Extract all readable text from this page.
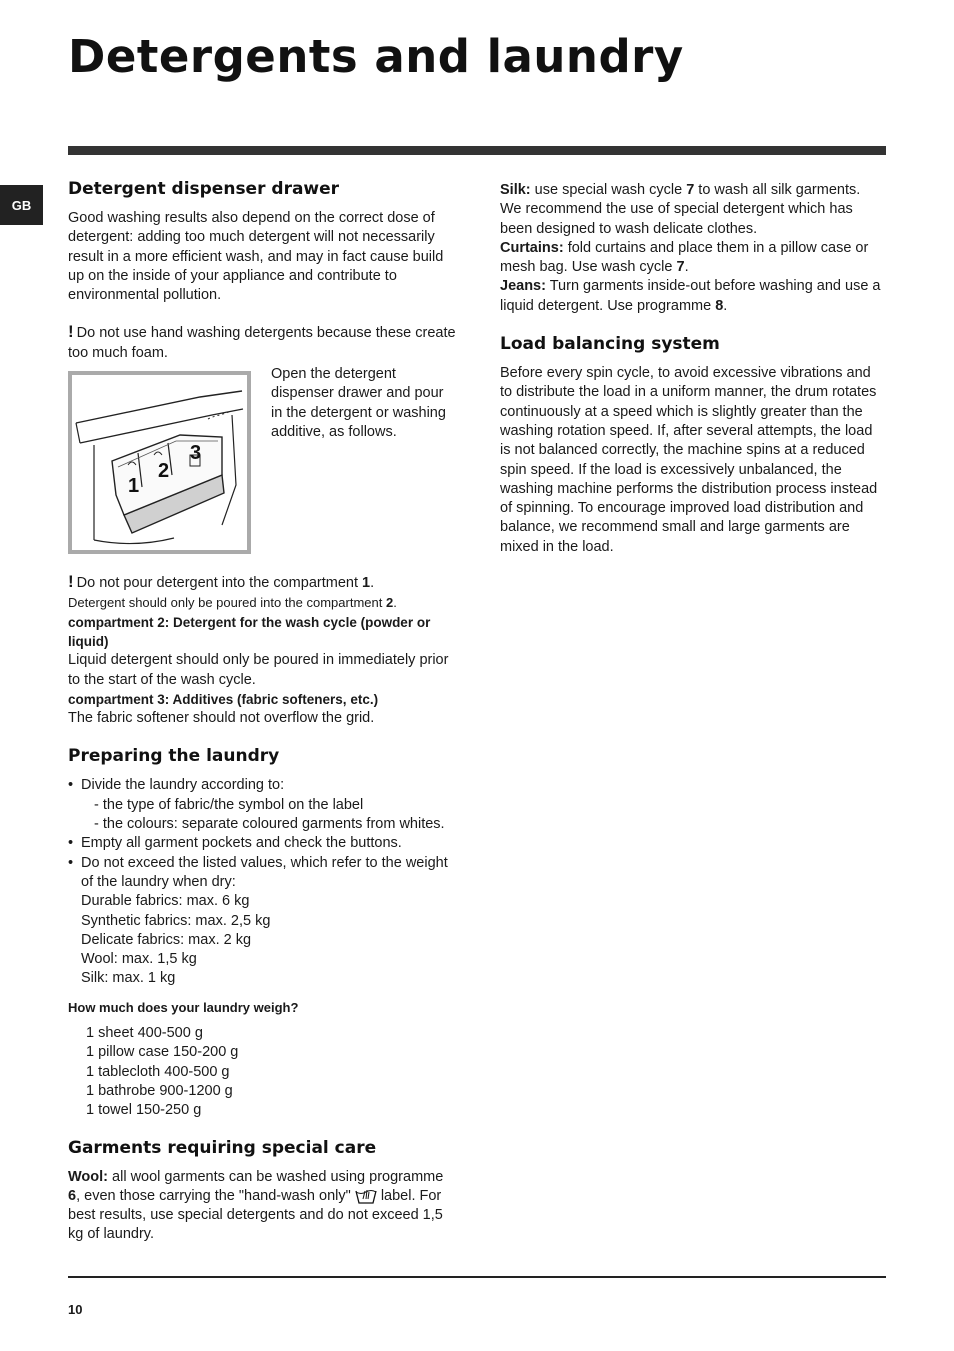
Detergents and laundry
GB
Detergent dispenser drawer

Good washing results also depend on the correct dose of detergent: adding too much detergent will not necessarily result in a more efficient wash, and may in fact cause build up on the inside of your appliance and contribute to environmental pollution.

! Do not use hand washing detergents because these create too much foam.

1
2
3

Open the detergent dispenser drawer and pour in the detergent or washing additive, as follows.

! Do not pour detergent into the compartment 1.

Detergent should only be poured into the compartment 2.

compartment 2: Detergent for the wash cycle (powder or liquid)

Liquid detergent should only be poured in immediately prior to the start of the wash cycle.

compartment 3: Additives (fabric softeners, etc.)

The fabric softener should not overflow the grid.

Preparing the laundry
• Divide the laundry according to:
- the type of fabric/the symbol on the label
- the colours: separate coloured garments from whites.
• Empty all garment pockets and check the buttons.
• Do not exceed the listed values, which refer to the weight of the laundry when dry:
Durable fabrics: max. 6 kg
Synthetic fabrics: max. 2,5 kg
Delicate fabrics: max. 2 kg
Wool: max. 1,5 kg
Silk: max. 1 kg

How much does your laundry weigh?

1 sheet 400-500 g
1 pillow case 150-200 g
1 tablecloth 400-500 g
1 bathrobe 900-1200 g
1 towel 150-250 g
Garments requiring special care

Wool: all wool garments can be washed using programme 6, even those carrying the "hand-wash only" label. For best results, use special detergents and do not exceed 1,5 kg of laundry.

Silk: use special wash cycle 7 to wash all silk garments. We recommend the use of special detergent which has been designed to wash delicate clothes.

Curtains: fold curtains and place them in a pillow case or mesh bag. Use wash cycle 7.

Jeans: Turn garments inside-out before washing and use a liquid detergent. Use programme 8.

Load balancing system

Before every spin cycle, to avoid excessive vibrations and to distribute the load in a uniform manner, the drum rotates continuously at a speed which is slightly greater than the washing rotation speed. If, after several attempts, the load is not balanced correctly, the machine spins at a reduced spin speed. If the load is excessively unbalanced, the washing machine performs the distribution process instead of spinning. To encourage improved load distribution and balance, we recommend small and large garments are mixed in the load.

10
